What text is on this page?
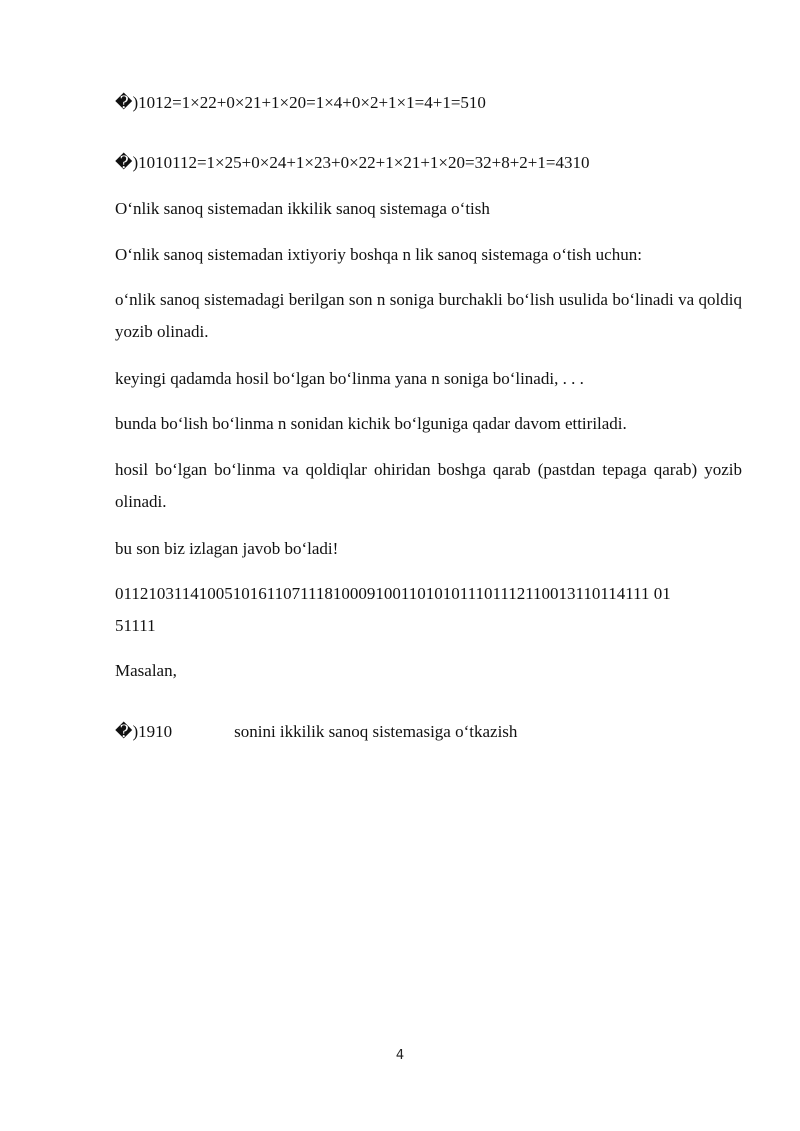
�)1012=1×22+0×21+1×20=1×4+0×2+1×1=4+1=510
�)1010112=1×25+0×24+1×23+0×22+1×21+1×20=32+8+2+1=4310
O‘nlik sanoq sistemadan ikkilik sanoq sistemaga o‘tish
O‘nlik sanoq sistemadan ixtiyoriy boshqa n lik sanoq sistemaga o‘tish uchun:
o‘nlik sanoq sistemadagi berilgan son n soniga burchakli bo‘lish usulida bo‘linadi va qoldiq yozib olinadi.
keyingi qadamda hosil bo‘lgan bo‘linma yana n soniga bo‘linadi, . . .
bunda bo‘lish bo‘linma n sonidan kichik bo‘lguniga qadar davom ettiriladi.
hosil bo‘lgan bo‘linma va qoldiqlar ohiridan boshga qarab (pastdan tepaga qarab) yozib olinadi.
bu son biz izlagan javob bo‘ladi!
0112103114100510161107111810009100110101011101112110013110114111 01
51111
Masalan,
�)1910	sonini ikkilik sanoq sistemasiga o‘tkazish
4
